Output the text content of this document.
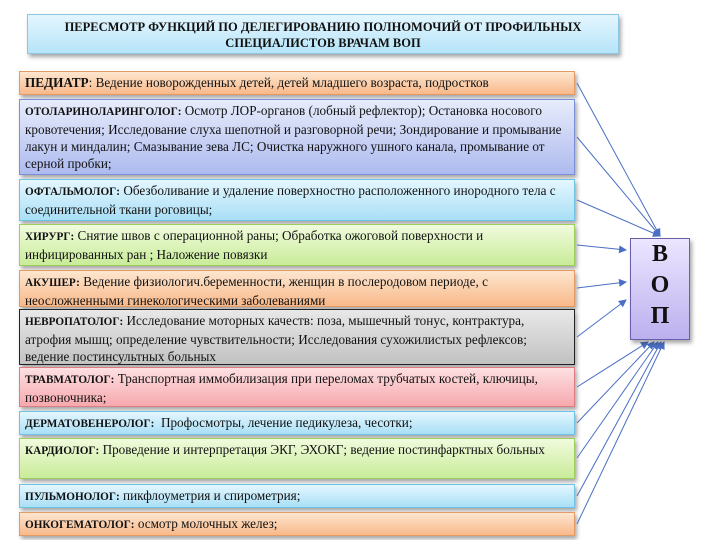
ПЕРЕСМОТР ФУНКЦИЙ ПО ДЕЛЕГИРОВАНИЮ ПОЛНОМОЧИЙ ОТ ПРОФИЛЬНЫХ
СПЕЦИАЛИСТОВ ВРАЧАМ ВОП
ПЕДИАТР: Ведение новорожденных детей, детей младшего возраста, подростков
ОТОЛАРИНОЛАРИНГОЛОГ: Осмотр ЛОР-органов (лобный рефлектор); Остановка носового кровотечения; Исследование слуха шепотной и разговорной речи; Зондирование и промывание лакун и миндалин; Смазывание зева ЛС; Очистка наружного ушного канала, промывание от серной пробки;
ОФТАЛЬМОЛОГ: Обезболивание и удаление поверхностно расположенного инородного тела с соединительной ткани роговицы;
ХИРУРГ: Снятие швов с операционной раны; Обработка ожоговой поверхности и инфицированных ран ; Наложение повязки
АКУШЕР: Ведение физиологич.беременности, женщин в послеродовом периоде, с неосложненными гинекологическими заболеваниями
НЕВРОПАТОЛОГ: Исследование моторных качеств: поза, мышечный тонус, контрактура, атрофия мышц; определение чувствительности; Исследования сухожилистых рефлексов; ведение постинсультных больных
ТРАВМАТОЛОГ: Транспортная иммобилизация при переломах трубчатых костей, ключицы, позвоночника;
ДЕРМАТОВЕНЕРОЛОГ: Профосмотры, лечение педикулеза, чесотки;
КАРДИОЛОГ: Проведение и интерпретация ЭКГ, ЭХОКГ; ведение постинфарктных больных
ПУЛЬМОНОЛОГ: пикфлоуметрия и спирометрия;
ОНКОГЕМАТОЛОГ: осмотр молочных желез;
В
О
П
